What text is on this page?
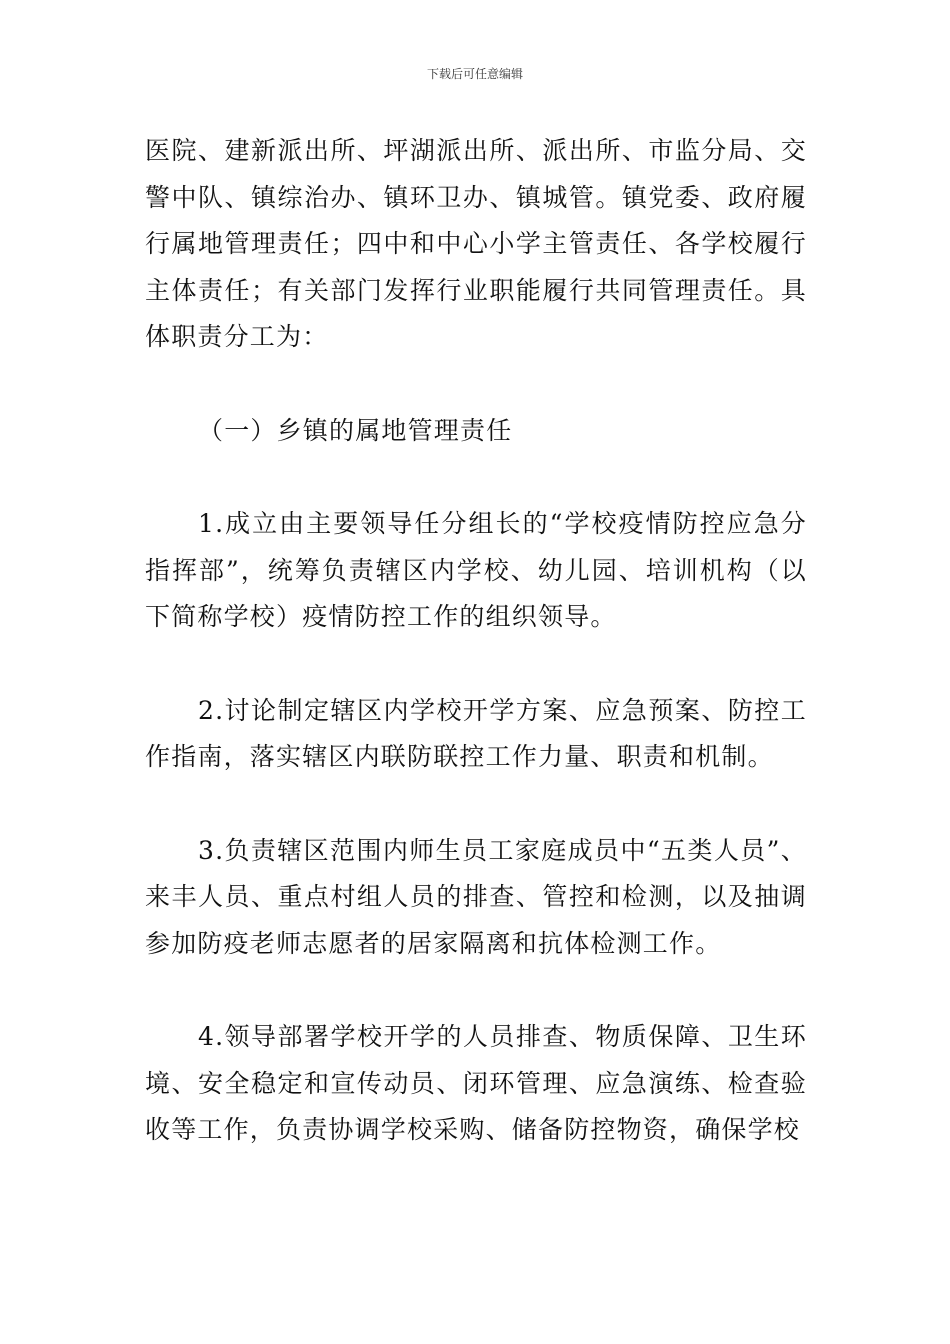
下载后可任意编辑

医院、建新派出所、坪湖派出所、派出所、市监分局、交警中队、镇综治办、镇环卫办、镇城管。镇党委、政府履行属地管理责任；四中和中心小学主管责任、各学校履行主体责任；有关部门发挥行业职能履行共同管理责任。具体职责分工为：

（一）乡镇的属地管理责任

1.成立由主要领导任分组长的“学校疫情防控应急分指挥部”，统筹负责辖区内学校、幼儿园、培训机构（以下简称学校）疫情防控工作的组织领导。

2.讨论制定辖区内学校开学方案、应急预案、防控工作指南，落实辖区内联防联控工作力量、职责和机制。

3.负责辖区范围内师生员工家庭成员中“五类人员”、来丰人员、重点村组人员的排查、管控和检测，以及抽调参加防疫老师志愿者的居家隔离和抗体检测工作。

4.领导部署学校开学的人员排查、物质保障、卫生环境、安全稳定和宣传动员、闭环管理、应急演练、检查验收等工作，负责协调学校采购、储备防控物资，确保学校
